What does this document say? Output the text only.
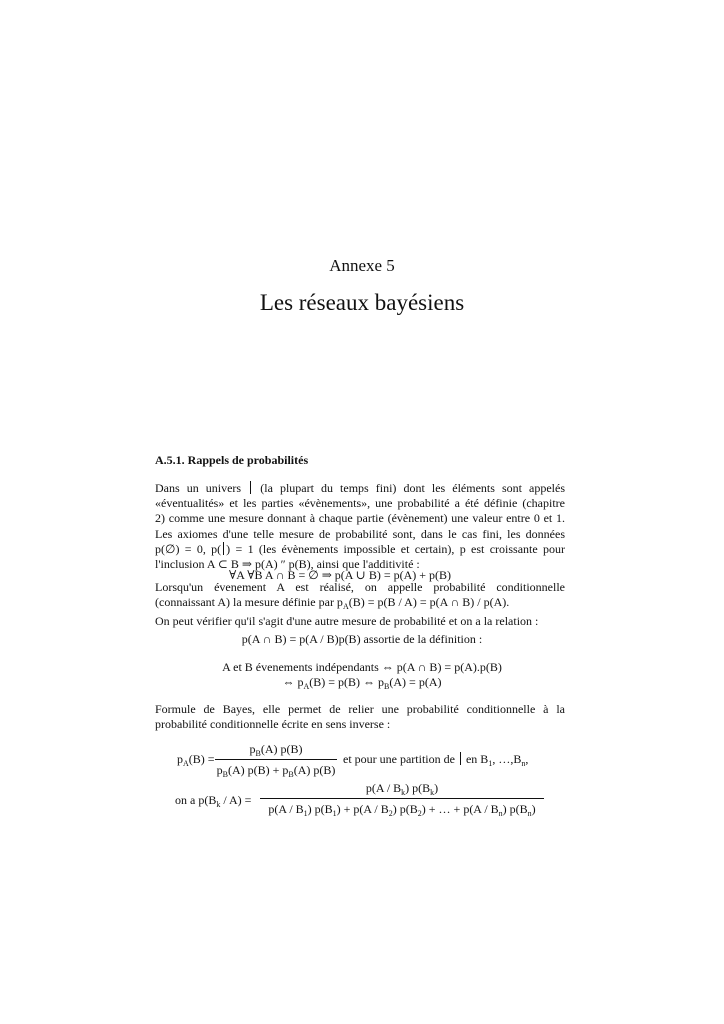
Annexe 5
Les réseaux bayésiens
A.5.1. Rappels de probabilités
Dans un univers (la plupart du temps fini) dont les éléments sont appelés
«éventualités» et les parties «évènements», une probabilité a été définie (chapitre
2) comme une mesure donnant à chaque partie (évènement) une valeur entre 0 et 1.
Les axiomes d'une telle mesure de probabilité sont, dans le cas fini, les données
p(∅) = 0, p( ) = 1 (les évènements impossible et certain), p est croissante pour
l'inclusion A ⊂ B ⇒ p(A) ″ p(B), ainsi que l'additivité :
∀A ∀B A ∩ B = ∅ ⇒ p(A ∪ B) = p(A) + p(B)
Lorsqu'un évenement A est réalisé, on appelle probabilité conditionnelle
(connaissant A) la mesure définie par $p_A(B) = p(B / A) = p(A$ ∩ B) / p(A).
On peut vérifier qu'il s'agit d'une autre mesure de probabilité et on a la relation :
p(A ∩ B) = p(A / B)p(B) assortie de la définition :
A et B évenements indépendants ⇔ p(A ∩ B) = p(A).p(B)
⇔ $p_A(B) = p(B)$ ⇔ $p_B(A) = p(A)$
Formule de Bayes, elle permet de relier une probabilité conditionnelle à la
probabilité conditionnelle écrite en sens inverse :
$p_A(B)$ =
$p_B(A)$ p(B)
$p_B(A) p(B) + p_B(A)$ p(B)
et pour une partition de en $B_1$, $\dots,B_n$,
on a $p(B_k / A)$ =
$p(A / B_k)$ $p(B_k)$
$p(A / B_1)$ $p(B_1) + p(A / B_2) p(B_2)$ + … + $p(A / B_n)$ $p(B_n)$
